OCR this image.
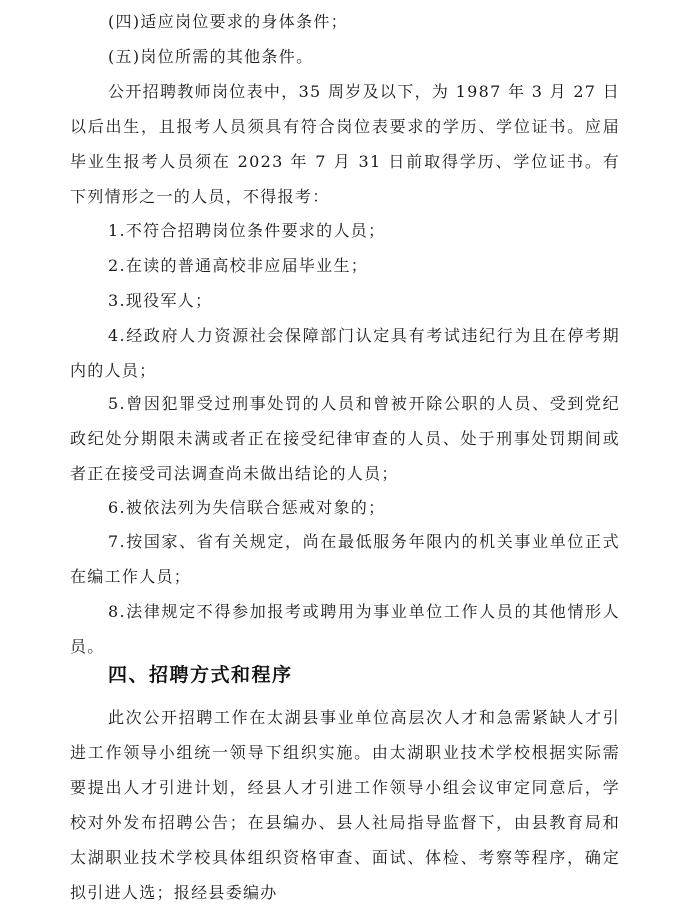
(四)适应岗位要求的身体条件；

(五)岗位所需的其他条件。

公开招聘教师岗位表中，35 周岁及以下，为 1987 年 3 月 27 日以后出生，且报考人员须具有符合岗位表要求的学历、学位证书。应届毕业生报考人员须在 2023 年 7 月 31 日前取得学历、学位证书。有下列情形之一的人员，不得报考：

1.不符合招聘岗位条件要求的人员；

2.在读的普通高校非应届毕业生；

3.现役军人；

4.经政府人力资源社会保障部门认定具有考试违纪行为且在停考期内的人员；

5.曾因犯罪受过刑事处罚的人员和曾被开除公职的人员、受到党纪政纪处分期限未满或者正在接受纪律审查的人员、处于刑事处罚期间或者正在接受司法调查尚未做出结论的人员；

6.被依法列为失信联合惩戒对象的；

7.按国家、省有关规定，尚在最低服务年限内的机关事业单位正式在编工作人员；

8.法律规定不得参加报考或聘用为事业单位工作人员的其他情形人员。

四、招聘方式和程序

此次公开招聘工作在太湖县事业单位高层次人才和急需紧缺人才引进工作领导小组统一领导下组织实施。由太湖职业技术学校根据实际需要提出人才引进计划，经县人才引进工作领导小组会议审定同意后，学校对外发布招聘公告；在县编办、县人社局指导监督下，由县教育局和太湖职业技术学校具体组织资格审查、面试、体检、考察等程序，确定拟引进人选；报经县委编办
